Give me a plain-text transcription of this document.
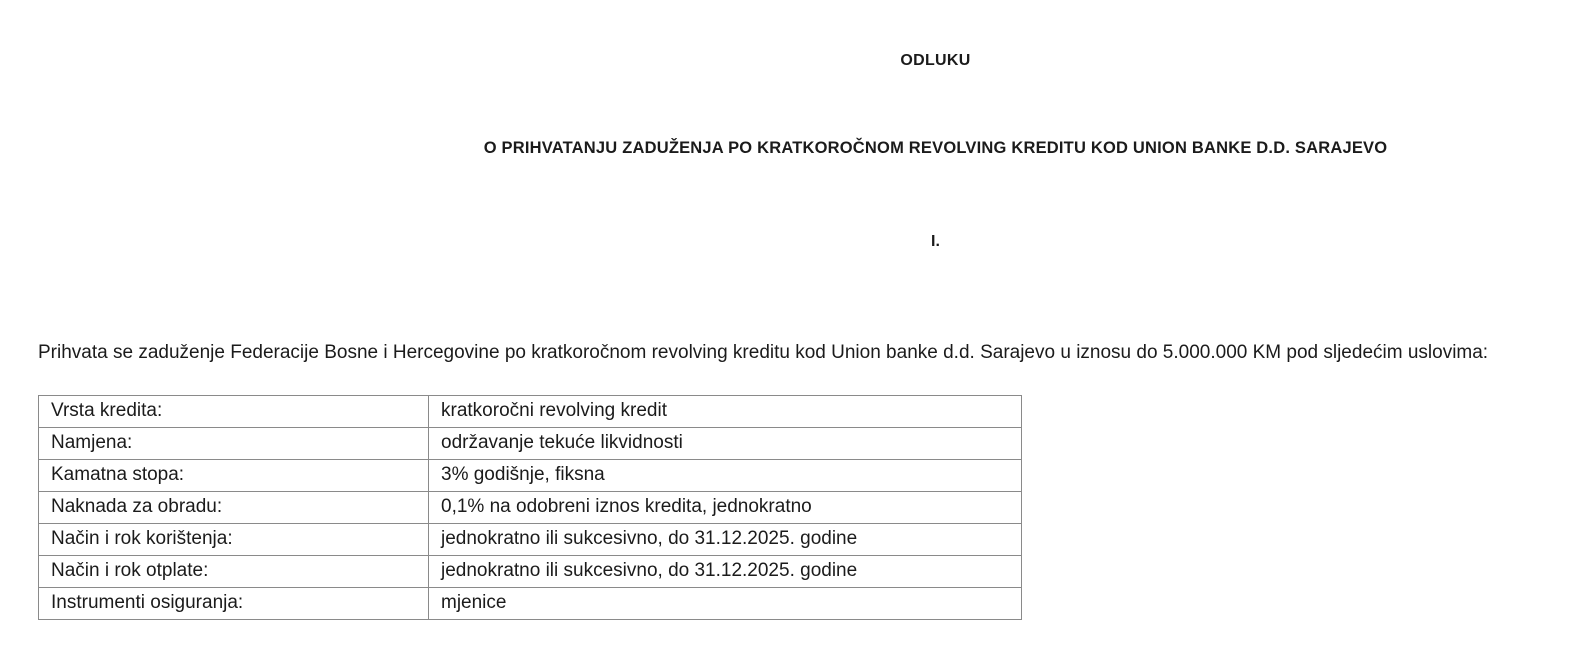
ODLUKU
O PRIHVATANJU ZADUŽENJA PO KRATKOROČNOM REVOLVING KREDITU KOD UNION BANKE D.D. SARAJEVO
I.
Prihvata se zaduženje Federacije Bosne i Hercegovine po kratkoročnom revolving kreditu kod Union banke d.d. Sarajevo u iznosu do 5.000.000 KM pod sljedećim uslovima:
Vrsta kredita:	kratkoročni revolving kredit
Namjena:	održavanje tekuće likvidnosti
Kamatna stopa:	3% godišnje, fiksna
Naknada za obradu:	0,1% na odobreni iznos kredita, jednokratno
Način i rok korištenja:	jednokratno ili sukcesivno, do 31.12.2025. godine
Način i rok otplate:	jednokratno ili sukcesivno, do 31.12.2025. godine
Instrumenti osiguranja:	mjenice
